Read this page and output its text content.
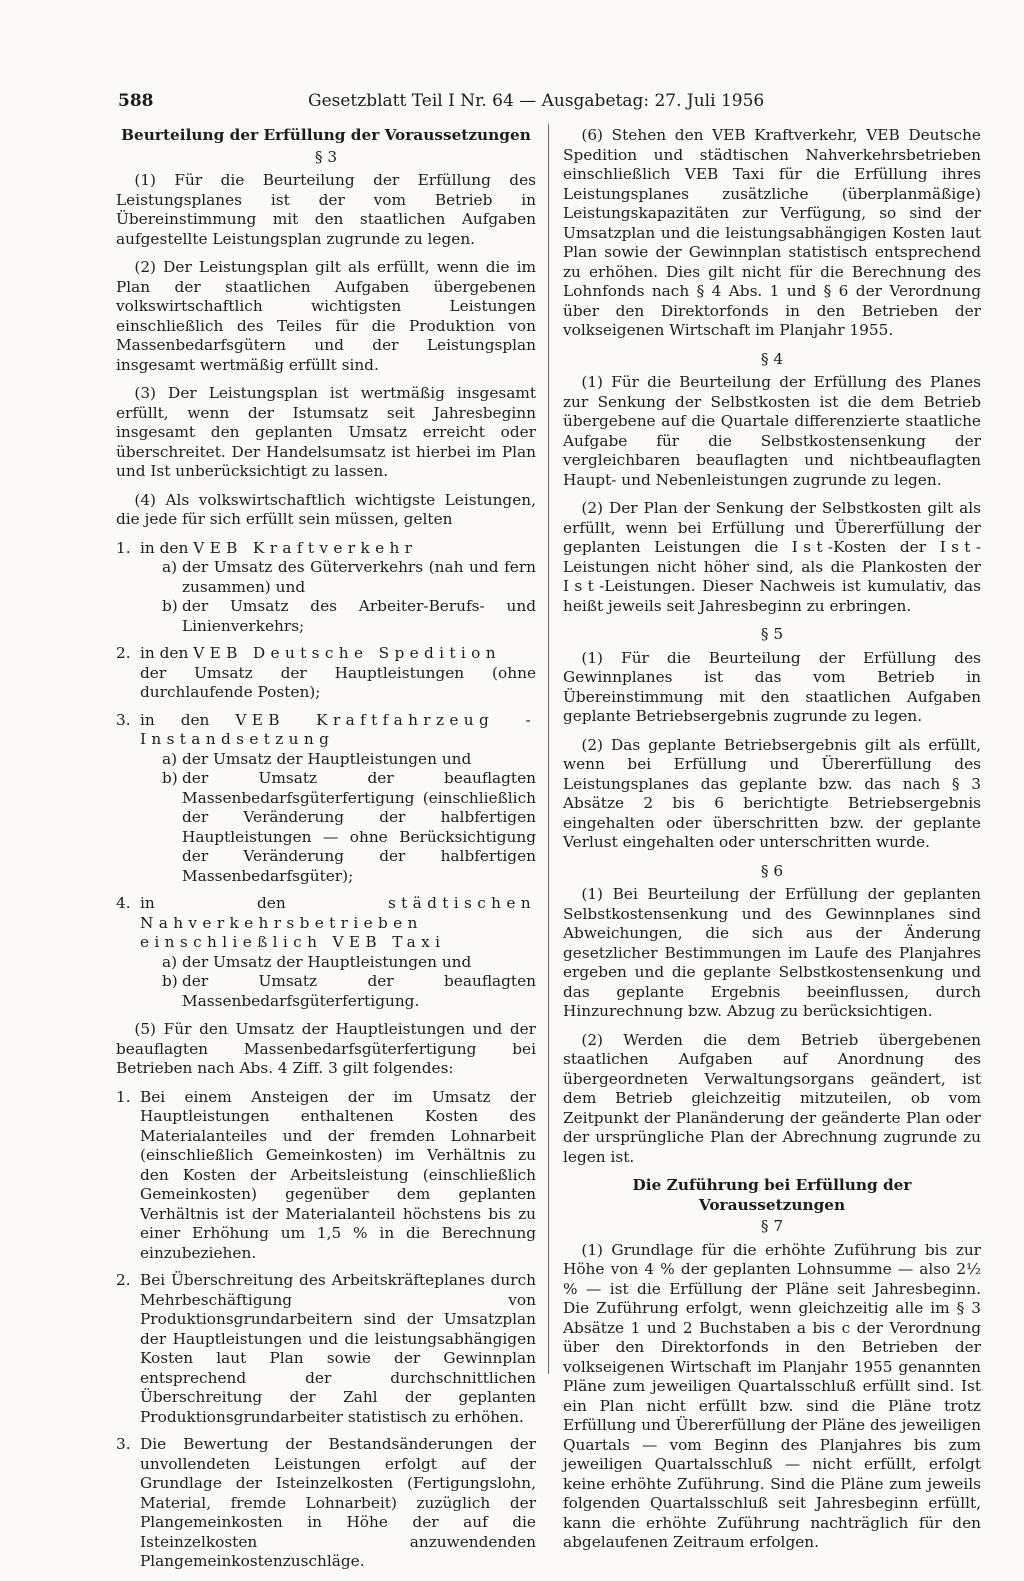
588	Gesetzblatt Teil I Nr. 64 — Ausgabetag: 27. Juli 1956
Beurteilung der Erfüllung der Voraussetzungen
§ 3

(1) Für die Beurteilung der Erfüllung des Leistungsplanes ist der vom Betrieb in Übereinstimmung mit den staatlichen Aufgaben aufgestellte Leistungsplan zugrunde zu legen.

(2) Der Leistungsplan gilt als erfüllt, wenn die im Plan der staatlichen Aufgaben übergebenen volkswirtschaftlich wichtigsten Leistungen einschließlich des Teiles für die Produktion von Massenbedarfsgütern und der Leistungsplan insgesamt wertmäßig erfüllt sind.

(3) Der Leistungsplan ist wertmäßig insgesamt erfüllt, wenn der Istumsatz seit Jahresbeginn insgesamt den geplanten Umsatz erreicht oder überschreitet. Der Handelsumsatz ist hierbei im Plan und Ist unberücksichtigt zu lassen.

(4) Als volkswirtschaftlich wichtigste Leistungen, die jede für sich erfüllt sein müssen, gelten

1. in den VEB Kraftverkehr
a) der Umsatz des Güterverkehrs (nah und fern zusammen) und
b) der Umsatz des Arbeiter-Berufs- und Linienverkehrs;
2. in den VEB Deutsche Spedition
der Umsatz der Hauptleistungen (ohne durchlaufende Posten);
3. in den VEB Kraftfahrzeug - Instandsetzung
a) der Umsatz der Hauptleistungen und
b) der Umsatz der beauflagten Massenbedarfsgüterfertigung (einschließlich der Veränderung der halbfertigen Hauptleistungen — ohne Berücksichtigung der Veränderung der halbfertigen Massenbedarfsgüter);
4. in den	städtischen Nahverkehrsbetrieben einschließlich VEB Taxi
a) der Umsatz der Hauptleistungen und
b) der Umsatz der beauflagten Massenbedarfsgüterfertigung.

(5) Für den Umsatz der Hauptleistungen und der beauflagten Massenbedarfsgüterfertigung bei Betrieben nach Abs. 4 Ziff. 3 gilt folgendes:

1. Bei einem Ansteigen der im Umsatz der Hauptleistungen enthaltenen Kosten des Materialanteiles und der fremden Lohnarbeit (einschließlich Gemeinkosten) im Verhältnis zu den Kosten der Arbeitsleistung (einschließlich Gemeinkosten) gegenüber dem geplanten Verhältnis ist der Materialanteil höchstens bis zu einer Erhöhung um 1,5 % in die Berechnung einzubeziehen.
2. Bei Überschreitung des Arbeitskräfteplanes durch Mehrbeschäftigung von Produktionsgrundarbeitern sind der Umsatzplan der Hauptleistungen und die leistungsabhängigen Kosten laut Plan sowie der Gewinnplan entsprechend der durchschnittlichen Überschreitung der Zahl der geplanten Produktionsgrundarbeiter statistisch zu erhöhen.
3. Die Bewertung der Bestandsänderungen der unvollendeten Leistungen erfolgt auf der Grundlage der Isteinzelkosten (Fertigungslohn, Material, fremde Lohnarbeit) zuzüglich der Plangemeinkosten in Höhe der auf die Isteinzelkosten anzuwendenden Plangemeinkostenzuschläge.

(6) Stehen den VEB Kraftverkehr, VEB Deutsche Spedition und städtischen Nahverkehrsbetrieben einschließlich VEB Taxi für die Erfüllung ihres Leistungsplanes zusätzliche (überplanmäßige) Leistungskapazitäten zur Verfügung, so sind der Umsatzplan und die leistungsabhängigen Kosten laut Plan sowie der Gewinnplan statistisch entsprechend zu erhöhen. Dies gilt nicht für die Berechnung des Lohnfonds nach § 4 Abs. 1 und § 6 der Verordnung über den Direktorfonds in den Betrieben der volkseigenen Wirtschaft im Planjahr 1955.

§ 4

(1) Für die Beurteilung der Erfüllung des Planes zur Senkung der Selbstkosten ist die dem Betrieb übergebene auf die Quartale differenzierte staatliche Aufgabe für die Selbstkostensenkung der vergleichbaren beauflagten und nichtbeauflagten Haupt- und Nebenleistungen zugrunde zu legen.

(2) Der Plan der Senkung der Selbstkosten gilt als erfüllt, wenn bei Erfüllung und Übererfüllung der geplanten Leistungen die Ist-Kosten der Ist-Leistungen nicht höher sind, als die Plankosten der Ist-Leistungen. Dieser Nachweis ist kumulativ, das heißt jeweils seit Jahresbeginn zu erbringen.

§ 5

(1) Für die Beurteilung der Erfüllung des Gewinnplanes ist das vom Betrieb in Übereinstimmung mit den staatlichen Aufgaben geplante Betriebsergebnis zugrunde zu legen.

(2) Das geplante Betriebsergebnis gilt als erfüllt, wenn bei Erfüllung und Übererfüllung des Leistungsplanes das geplante bzw. das nach § 3 Absätze 2 bis 6 berichtigte Betriebsergebnis eingehalten oder überschritten bzw. der geplante Verlust eingehalten oder unterschritten wurde.

§ 6

(1) Bei Beurteilung der Erfüllung der geplanten Selbstkostensenkung und des Gewinnplanes sind Abweichungen, die sich aus der Änderung gesetzlicher Bestimmungen im Laufe des Planjahres ergeben und die geplante Selbstkostensenkung und das geplante Ergebnis beeinflussen, durch Hinzurechnung bzw. Abzug zu berücksichtigen.

(2) Werden die dem Betrieb übergebenen staatlichen Aufgaben auf Anordnung des übergeordneten Verwaltungsorgans geändert, ist dem Betrieb gleichzeitig mitzuteilen, ob vom Zeitpunkt der Planänderung der geänderte Plan oder der ursprüngliche Plan der Abrechnung zugrunde zu legen ist.

Die Zuführung bei Erfüllung der Voraussetzungen
§ 7

(1) Grundlage für die erhöhte Zuführung bis zur Höhe von 4 % der geplanten Lohnsumme — also 2½ % — ist die Erfüllung der Pläne seit Jahresbeginn. Die Zuführung erfolgt, wenn gleichzeitig alle im § 3 Absätze 1 und 2 Buchstaben a bis c der Verordnung über den Direktorfonds in den Betrieben der volkseigenen Wirtschaft im Planjahr 1955 genannten Pläne zum jeweiligen Quartalsschluß erfüllt sind. Ist ein Plan nicht erfüllt bzw. sind die Pläne trotz Erfüllung und Übererfüllung der Pläne des jeweiligen Quartals — vom Beginn des Planjahres bis zum jeweiligen Quartalsschluß — nicht erfüllt, erfolgt keine erhöhte Zuführung. Sind die Pläne zum jeweils folgenden Quartalsschluß seit Jahresbeginn erfüllt, kann die erhöhte Zuführung nachträglich für den abgelaufenen Zeitraum erfolgen.
